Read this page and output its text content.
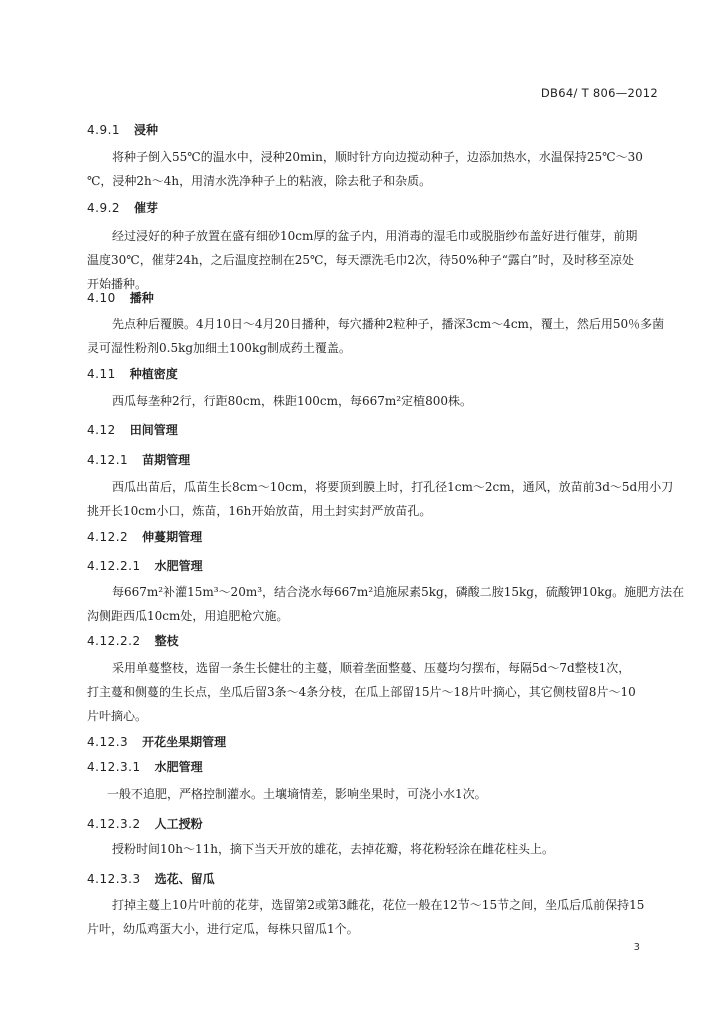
DB64/ T 806—2012
4.9.1 浸种
将种子倒入55℃的温水中，浸种20min，顺时针方向边搅动种子，边添加热水，水温保持25℃～30
℃，浸种2h～4h，用清水洗净种子上的粘液，除去秕子和杂质。
4.9.2 催芽
经过浸好的种子放置在盛有细砂10cm厚的盆子内，用消毒的湿毛巾或脱脂纱布盖好进行催芽，前期
温度30℃，催芽24h，之后温度控制在25℃，每天漂洗毛巾2次，待50%种子“露白”时，及时移至凉处
开始播种。
4.10 播种
先点种后覆膜。4月10日～4月20日播种，每穴播种2粒种子，播深3cm～4cm，覆土，然后用50％多菌
灵可湿性粉剂0.5kg加细土100kg制成药土覆盖。
4.11 种植密度
西瓜每垄种2行，行距80cm，株距100cm，每667m²定植800株。
4.12 田间管理
4.12.1 苗期管理
西瓜出苗后，瓜苗生长8cm～10cm，将要顶到膜上时，打孔径1cm～2cm，通风，放苗前3d～5d用小刀
挑开长10cm小口，炼苗，16h开始放苗，用土封实封严放苗孔。
4.12.2 伸蔓期管理
4.12.2.1 水肥管理
每667m²补灌15m³～20m³，结合浇水每667m²追施尿素5kg，磷酸二胺15kg，硫酸钾10kg。施肥方法在
沟侧距西瓜10cm处，用追肥枪穴施。
4.12.2.2 整枝
采用单蔓整枝，选留一条生长健壮的主蔓，顺着垄面整蔓、压蔓均匀摆布，每隔5d～7d整枝1次，
打主蔓和侧蔓的生长点，坐瓜后留3条～4条分枝，在瓜上部留15片～18片叶摘心，其它侧枝留8片～10
片叶摘心。
4.12.3 开花坐果期管理
4.12.3.1 水肥管理
一般不追肥，严格控制灌水。土壤墒情差，影响坐果时，可浇小水1次。
4.12.3.2 人工授粉
授粉时间10h～11h，摘下当天开放的雄花，去掉花瓣，将花粉轻涂在雌花柱头上。
4.12.3.3 选花、留瓜
打掉主蔓上10片叶前的花芽，选留第2或第3雌花，花位一般在12节～15节之间，坐瓜后瓜前保持15
片叶，幼瓜鸡蛋大小，进行定瓜，每株只留瓜1个。
3
